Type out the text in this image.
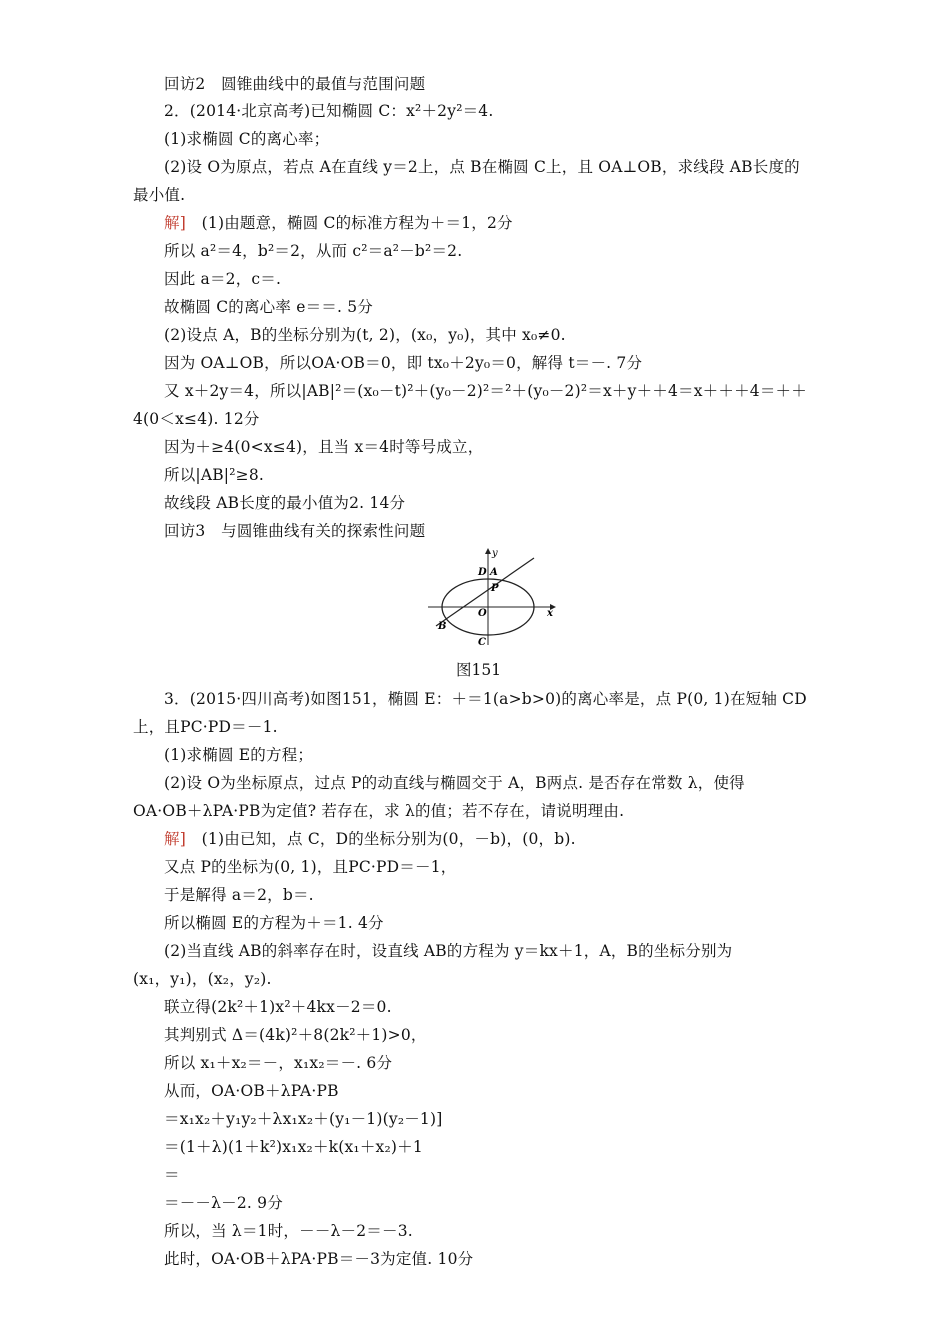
回访2　圆锥曲线中的最值与范围问题
2．(2014·北京高考)已知椭圆 C：x²＋2y²＝4.
(1)求椭圆 C的离心率；
(2)设 O为原点，若点 A在直线 y＝2上，点 B在椭圆 C上，且 OA⊥OB，求线段 AB长度的
最小值.
解]　(1)由题意，椭圆 C的标准方程为＋＝1，2分
所以 a²＝4，b²＝2，从而 c²＝a²－b²＝2.
因此 a＝2，c＝.
故椭圆 C的离心率 e＝＝. 5分
(2)设点 A，B的坐标分别为(t, 2)，(x₀，y₀)，其中 x₀≠0.
因为 OA⊥OB，所以OA·OB＝0，即 tx₀＋2y₀＝0，解得 t＝－. 7分
又 x＋2y＝4，所以|AB|²＝(x₀－t)²＋(y₀－2)²＝²＋(y₀－2)²＝x＋y＋＋4＝x＋＋＋4＝＋＋
4(0＜x≤4). 12分
因为＋≥4(0<x≤4)，且当 x＝4时等号成立，
所以|AB|²≥8.
故线段 AB长度的最小值为2. 14分
回访3　与圆锥曲线有关的探索性问题
y
x
D A
P
O
B
C
图151
3．(2015·四川高考)如图151，椭圆 E：＋＝1(a>b>0)的离心率是，点 P(0, 1)在短轴 CD
上，且PC·PD＝－1.
(1)求椭圆 E的方程；
(2)设 O为坐标原点，过点 P的动直线与椭圆交于 A，B两点. 是否存在常数 λ，使得
OA·OB＋λPA·PB为定值? 若存在，求 λ的值；若不存在，请说明理由.
解]　(1)由已知，点 C，D的坐标分别为(0，－b)，(0，b).
又点 P的坐标为(0, 1)，且PC·PD＝－1，
于是解得 a＝2，b＝.
所以椭圆 E的方程为＋＝1. 4分
(2)当直线 AB的斜率存在时，设直线 AB的方程为 y＝kx＋1，A，B的坐标分别为
(x₁，y₁)，(x₂，y₂).
联立得(2k²＋1)x²＋4kx－2＝0.
其判别式 Δ＝(4k)²＋8(2k²＋1)>0，
所以 x₁＋x₂＝－，x₁x₂＝－. 6分
从而，OA·OB＋λPA·PB
＝x₁x₂＋y₁y₂＋λx₁x₂＋(y₁－1)(y₂－1)]
＝(1＋λ)(1＋k²)x₁x₂＋k(x₁＋x₂)＋1
＝
＝－－λ－2. 9分
所以，当 λ＝1时，－－λ－2＝－3.
此时，OA·OB＋λPA·PB＝－3为定值. 10分
